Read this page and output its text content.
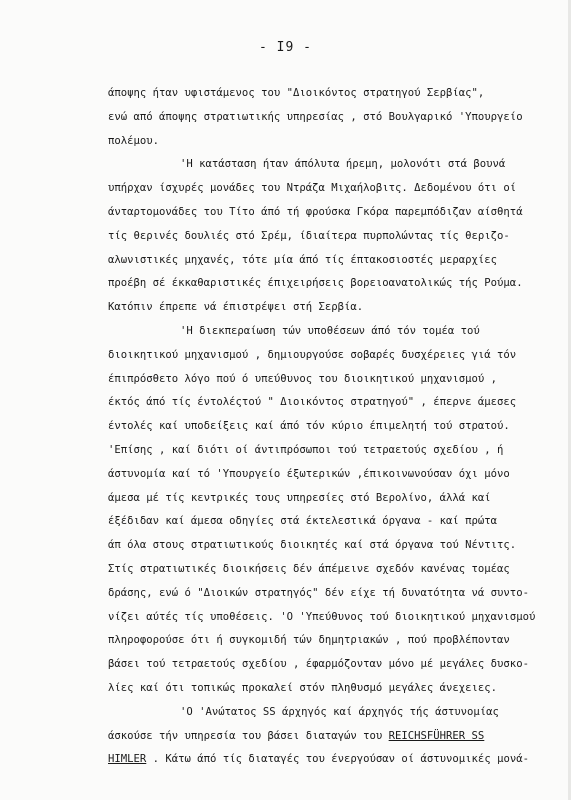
- I9 -
άποψης ήταν υφιστάμενος του "Διοικόντος στρατηγού Σερβίας",
ενώ από άποψης στρατιωτικής υπηρεσίας , στό Βουλγαρικό 'Υπουργείο
πολέμου.
'Η κατάσταση ήταν άπόλυτα ήρεμη, μολονότι στά βουνά
υπήρχαν ίσχυρές μονάδες του Ντράζα Μιχαήλοβιτς. Δεδομένου ότι οί
άνταρτομονάδες του Τίτο άπό τή φρούσκα Γκόρα παρεμπόδιζαν αίσθητά
τίς θερινές δουλιές στό Σρέμ, ίδιαίτερα πυρπολώντας τίς θεριζο-
αλωνιστικές μηχανές, τότε μία άπό τίς έπτακοσιοστές μεραρχίες
προέβη σέ έκκαθαριστικές έπιχειρήσεις βορειοανατολικώς τής Ρούμα.
Κατόπιν έπρεπε νά έπιστρέψει στή Σερβία.
'Η διεκπεραίωση τών υποθέσεων άπό τόν τομέα τού
διοικητικού μηχανισμού , δημιουργούσε σοβαρές δυσχέρειες γιά τόν
έπιπρόσθετο λόγο πού ό υπεύθυνος του διοικητικού μηχανισμού ,
έκτός άπό τίς έντολέςτού " Διοικόντος στρατηγού" , έπερνε άμεσες
έντολές καί υποδείξεις καί άπό τόν κύριο έπιμελητή τού στρατού.
'Επίσης , καί διότι οί άντιπρόσωποι τού τετραετούς σχεδίου , ή
άστυνομία καί τό 'Υπουργείο έξωτερικών ,έπικοινωνούσαν όχι μόνο
άμεσα μέ τίς κεντρικές τους υπηρεσίες στό Βερολίνο, άλλά καί
έξέδιδαν καί άμεσα οδηγίες στά έκτελεστικά όργανα - καί πρώτα
άπ όλα στους στρατιωτικούς διοικητές καί στά όργανα τού Νέντιτς.
Στίς στρατιωτικές διοικήσεις δέν άπέμεινε σχεδόν κανένας τομέας
δράσης, ενώ ό "Διοικών στρατηγός" δέν είχε τή δυνατότητα νά συντο-
νίζει αύτές τίς υποθέσεις. 'Ο 'Υπεύθυνος τού διοικητικού μηχανισμού
πληροφορούσε ότι ή συγκομιδή τών δημητριακών , πού προβλέπονταν
βάσει τού τετραετούς σχεδίου , έφαρμόζονταν μόνο μέ μεγάλες δυσκο-
λίες καί ότι τοπικώς προκαλεί στόν πληθυσμό μεγάλες άνεχειες.
'Ο 'Ανώτατος SS άρχηγός καί άρχηγός τής άστυνομίας
άσκούσε τήν υπηρεσία του βάσει διαταγών του REICHSFÜHRER SS
HIMLER . Κάτω άπό τίς διαταγές του ένεργούσαν οί άστυνομικές μονά-
